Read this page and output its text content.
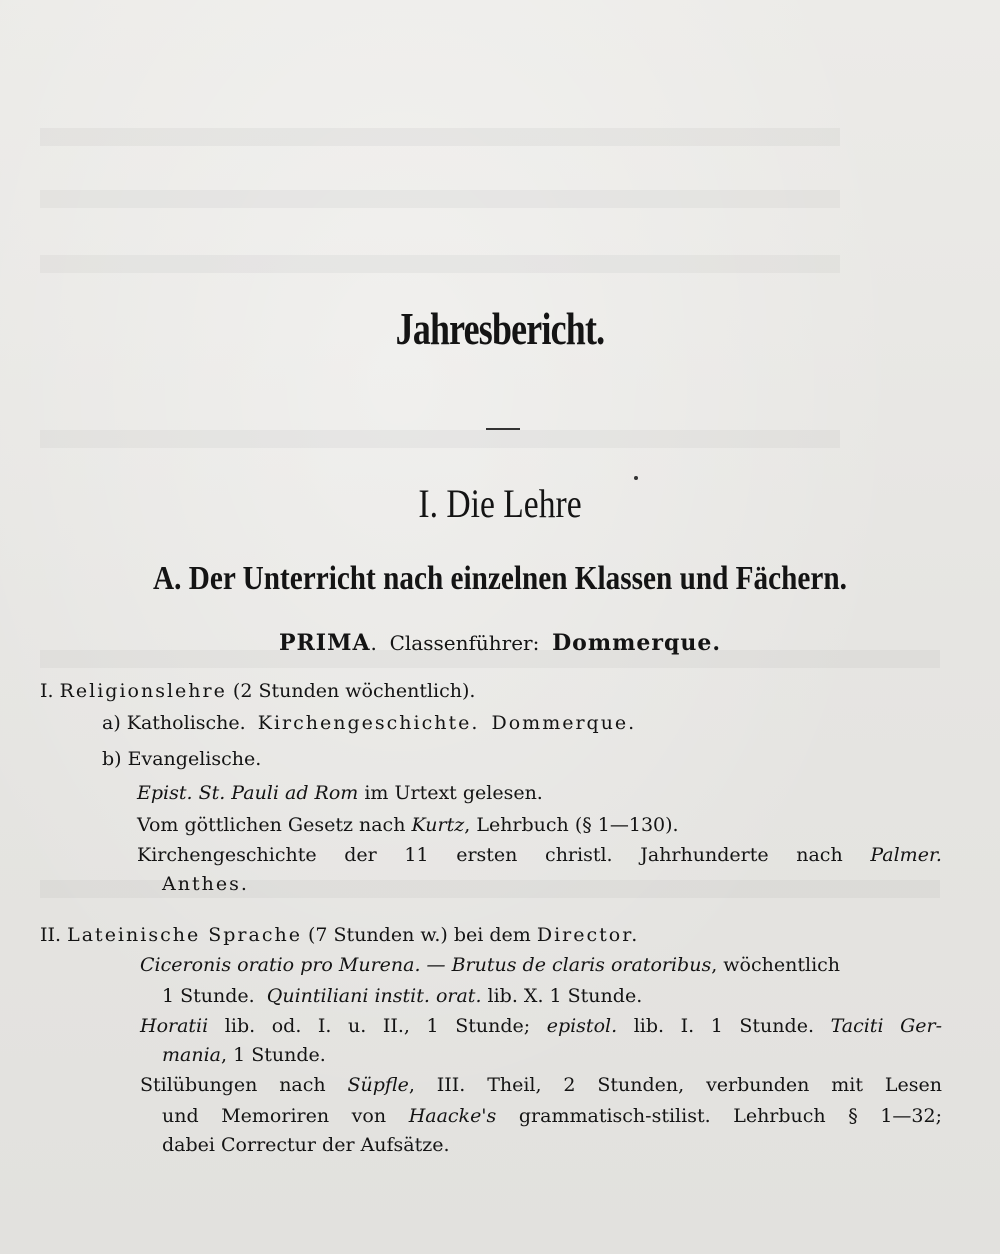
Jahresbericht.
I. Die Lehre
A. Der Unterricht nach einzelnen Klassen und Fächern.
PRIMA. Classenführer: Dommerque.
I. Religionslehre (2 Stunden wöchentlich).
a) Katholische. Kirchengeschichte. Dommerque.
b) Evangelische.
Epist. St. Pauli ad Rom im Urtext gelesen.
Vom göttlichen Gesetz nach Kurtz, Lehrbuch (§ 1—130).
Kirchengeschichte der 11 ersten christl. Jahrhunderte nach Palmer.
Anthes.
II. Lateinische Sprache (7 Stunden w.) bei dem Director.
Ciceronis oratio pro Murena. — Brutus de claris oratoribus, wöchentlich
1 Stunde. Quintiliani instit. orat. lib. X. 1 Stunde.
Horatii lib. od. I. u. II., 1 Stunde; epistol. lib. I. 1 Stunde. Taciti Ger-
mania, 1 Stunde.
Stilübungen nach Süpfle, III. Theil, 2 Stunden, verbunden mit Lesen
und Memoriren von Haacke's grammatisch-stilist. Lehrbuch § 1—32;
dabei Correctur der Aufsätze.
